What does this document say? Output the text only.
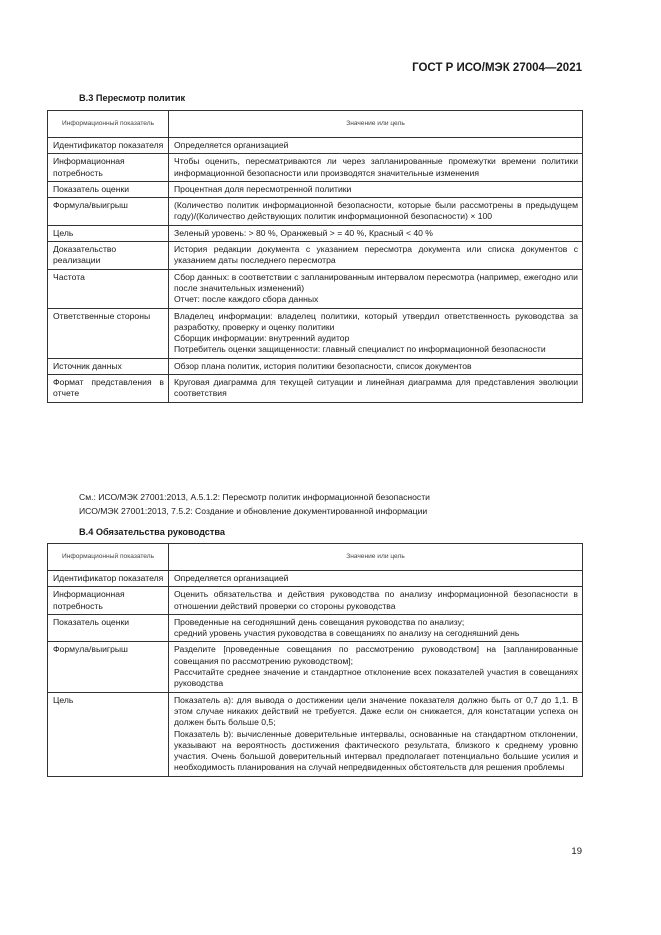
ГОСТ Р ИСО/МЭК 27004—2021
В.3 Пересмотр политик
Информационный показатель	Значение или цель
Идентификатор показателя	Определяется организацией

Информационная потребность	Чтобы оценить, пересматриваются ли через запланированные промежутки времени политики информационной безопасности или производятся значительные изменения

Показатель оценки	Процентная доля пересмотренной политики

Формула/выигрыш	(Количество политик информационной безопасности, которые были рассмотрены в предыдущем году)/(Количество действующих политик информационной безопасности) × 100

Цель	Зеленый уровень: > 80 %, Оранжевый > = 40 %, Красный < 40 %

Доказательство реализации	История редакции документа с указанием пересмотра документа или списка документов с указанием даты последнего пересмотра

Частота	Сбор данных: в соответствии с запланированным интервалом пересмотра (например, ежегодно или после значительных изменений)
Отчет: после каждого сбора данных

Ответственные стороны	Владелец информации: владелец политики, который утвердил ответственность руководства за разработку, проверку и оценку политики
Сборщик информации: внутренний аудитор
Потребитель оценки защищенности: главный специалист по информационной безопасности

Источник данных	Обзор плана политик, история политики безопасности, список документов

Формат представления в отчете	Круговая диаграмма для текущей ситуации и линейная диаграмма для представления эволюции соответствия
См.: ИСО/МЭК 27001:2013, А.5.1.2: Пересмотр политик информационной безопасности
ИСО/МЭК 27001:2013, 7.5.2: Создание и обновление документированной информации
В.4 Обязательства руководства
Информационный показатель	Значение или цель
Идентификатор показателя	Определяется организацией

Информационная потребность	Оценить обязательства и действия руководства по анализу информационной безопасности в отношении действий проверки со стороны руководства

Показатель оценки	Проведенные на сегодняшний день совещания руководства по анализу;
средний уровень участия руководства в совещаниях по анализу на сегодняшний день

Формула/выигрыш	Разделите [проведенные совещания по рассмотрению руководством] на [запланированные совещания по рассмотрению руководством];
Рассчитайте среднее значение и стандартное отклонение всех показателей участия в совещаниях руководства

Цель	Показатель а): для вывода о достижении цели значение показателя должно быть от 0,7 до 1,1. В этом случае никаких действий не требуется. Даже если он снижается, для констатации успеха он должен быть больше 0,5;
Показатель b): вычисленные доверительные интервалы, основанные на стандартном отклонении, указывают на вероятность достижения фактического результата, близкого к среднему уровню участия. Очень большой доверительный интервал предполагает потенциально большие усилия и необходимость планирования на случай непредвиденных обстоятельств для решения проблемы
19
